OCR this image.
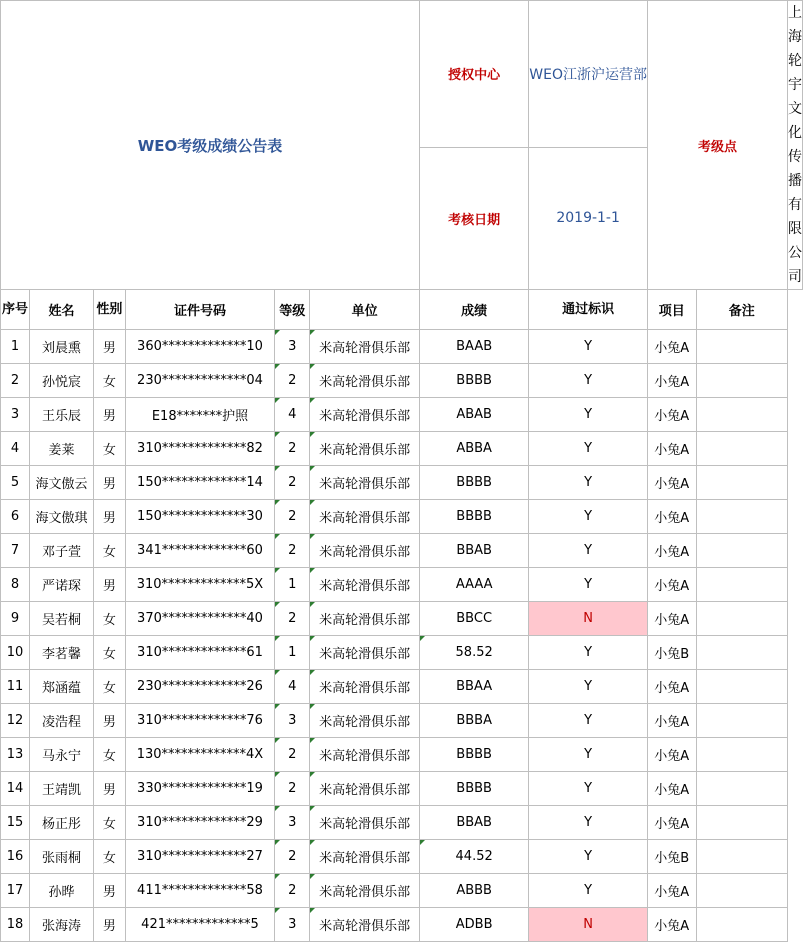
WEO考级成绩公告表						授权中心	WEO江浙沪运营部	考级点		上海轮宇文化传播有限公司
						考核日期	2019-1-1			
序号	姓名	性别	证件号码	等级	单位	成绩	通过标识	项目	备注	
1	刘晨熏	男	360*************10	3	米高轮滑俱乐部	BAAB	Y	小兔A		
2	孙悦宸	女	230*************04	2	米高轮滑俱乐部	BBBB	Y	小兔A		
3	王乐辰	男	E18*******护照	4	米高轮滑俱乐部	ABAB	Y	小兔A		
4	姜莱	女	310*************82	2	米高轮滑俱乐部	ABBA	Y	小兔A		
5	海文傲云	男	150*************14	2	米高轮滑俱乐部	BBBB	Y	小兔A		
6	海文傲琪	男	150*************30	2	米高轮滑俱乐部	BBBB	Y	小兔A		
7	邓子萱	女	341*************60	2	米高轮滑俱乐部	BBAB	Y	小兔A		
8	严诺琛	男	310*************5X	1	米高轮滑俱乐部	AAAA	Y	小兔A		
9	吴若桐	女	370*************40	2	米高轮滑俱乐部	BBCC	N	小兔A		
10	李茗馨	女	310*************61	1	米高轮滑俱乐部	58.52	Y	小兔B		
11	郑涵蕴	女	230*************26	4	米高轮滑俱乐部	BBAA	Y	小兔A		
12	凌浩程	男	310*************76	3	米高轮滑俱乐部	BBBA	Y	小兔A		
13	马永宁	女	130*************4X	2	米高轮滑俱乐部	BBBB	Y	小兔A		
14	王靖凯	男	330*************19	2	米高轮滑俱乐部	BBBB	Y	小兔A		
15	杨正彤	女	310*************29	3	米高轮滑俱乐部	BBAB	Y	小兔A		
16	张雨桐	女	310*************27	2	米高轮滑俱乐部	44.52	Y	小兔B		
17	孙晔	男	411*************58	2	米高轮滑俱乐部	ABBB	Y	小兔A		
18	张海涛	男	421*************5	3	米高轮滑俱乐部	ADBB	N	小兔A		
